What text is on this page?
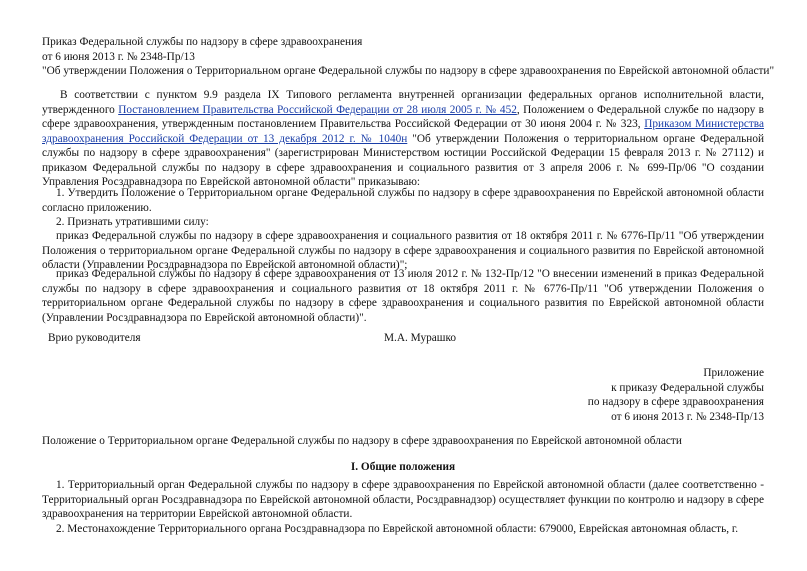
Приказ Федеральной службы по надзору в сфере здравоохранения
от 6 июня 2013 г. № 2348-Пр/13
"Об утверждении Положения о Территориальном органе Федеральной службы по надзору в сфере здравоохранения по Еврейской автономной области"
В соответствии с пунктом 9.9 раздела IX Типового регламента внутренней организации федеральных органов исполнительной власти, утвержденного Постановлением Правительства Российской Федерации от 28 июля 2005 г. № 452, Положением о Федеральной службе по надзору в сфере здравоохранения, утвержденным постановлением Правительства Российской Федерации от 30 июня 2004 г. № 323, Приказом Министерства здравоохранения Российской Федерации от 13 декабря 2012 г. № 1040н "Об утверждении Положения о территориальном органе Федеральной службы по надзору в сфере здравоохранения" (зарегистрирован Министерством юстиции Российской Федерации 15 февраля 2013 г. № 27112) и приказом Федеральной службы по надзору в сфере здравоохранения и социального развития от 3 апреля 2006 г. № 699-Пр/06 "О создании Управления Росздравнадзора по Еврейской автономной области" приказываю:
1. Утвердить Положение о Территориальном органе Федеральной службы по надзору в сфере здравоохранения по Еврейской автономной области согласно приложению.
2. Признать утратившими силу:
приказ Федеральной службы по надзору в сфере здравоохранения и социального развития от 18 октября 2011 г. № 6776-Пр/11 "Об утверждении Положения о территориальном органе Федеральной службы по надзору в сфере здравоохранения и социального развития по Еврейской автономной области (Управлении Росздравнадзора по Еврейской автономной области)";
приказ Федеральной службы по надзору в сфере здравоохранения от 13 июля 2012 г. № 132-Пр/12 "О внесении изменений в приказ Федеральной службы по надзору в сфере здравоохранения и социального развития от 18 октября 2011 г. № 6776-Пр/11 "Об утверждении Положения о территориальном органе Федеральной службы по надзору в сфере здравоохранения и социального развития по Еврейской автономной области (Управлении Росздравнадзора по Еврейской автономной области)".
Врио руководителя	М.А. Мурашко
Приложение
к приказу Федеральной службы
по надзору в сфере здравоохранения
от 6 июня 2013 г. № 2348-Пр/13
Положение о Территориальном органе Федеральной службы по надзору в сфере здравоохранения по Еврейской автономной области
I. Общие положения
1. Территориальный орган Федеральной службы по надзору в сфере здравоохранения по Еврейской автономной области (далее соответственно - Территориальный орган Росздравнадзора по Еврейской автономной области, Росздравнадзор) осуществляет функции по контролю и надзору в сфере здравоохранения на территории Еврейской автономной области.
2. Местонахождение Территориального органа Росздравнадзора по Еврейской автономной области: 679000, Еврейская автономная область, г.
